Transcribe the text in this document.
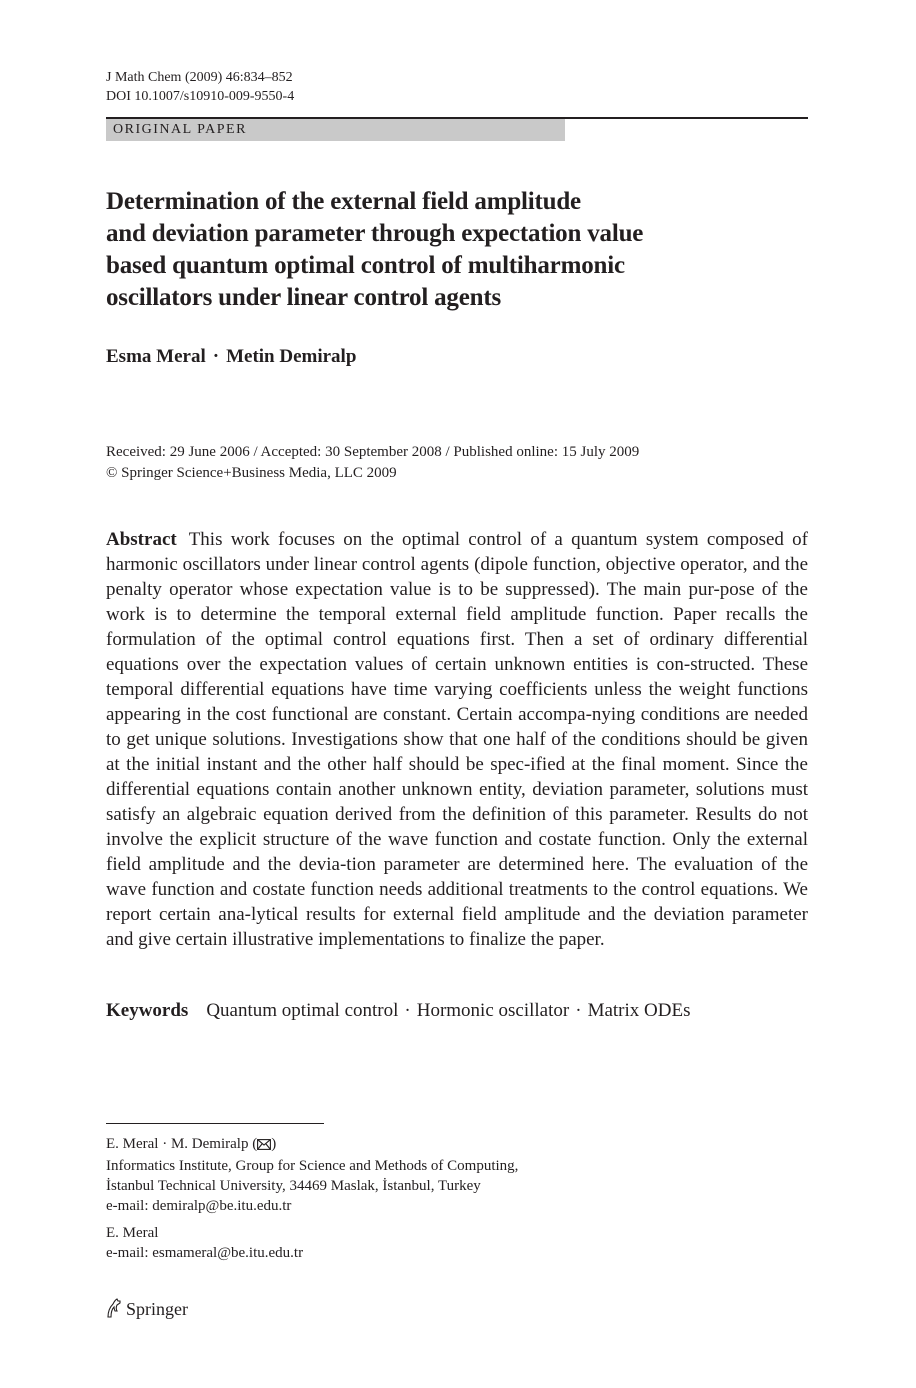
J Math Chem (2009) 46:834–852
DOI 10.1007/s10910-009-9550-4
ORIGINAL PAPER
Determination of the external field amplitude
and deviation parameter through expectation value
based quantum optimal control of multiharmonic
oscillators under linear control agents
Esma Meral · Metin Demiralp
Received: 29 June 2006 / Accepted: 30 September 2008 / Published online: 15 July 2009
© Springer Science+Business Media, LLC 2009
Abstract This work focuses on the optimal control of a quantum system composed of harmonic oscillators under linear control agents (dipole function, objective operator, and the penalty operator whose expectation value is to be suppressed). The main pur-pose of the work is to determine the temporal external field amplitude function. Paper recalls the formulation of the optimal control equations first. Then a set of ordinary differential equations over the expectation values of certain unknown entities is con-structed. These temporal differential equations have time varying coefficients unless the weight functions appearing in the cost functional are constant. Certain accompa-nying conditions are needed to get unique solutions. Investigations show that one half of the conditions should be given at the initial instant and the other half should be spec-ified at the final moment. Since the differential equations contain another unknown entity, deviation parameter, solutions must satisfy an algebraic equation derived from the definition of this parameter. Results do not involve the explicit structure of the wave function and costate function. Only the external field amplitude and the devia-tion parameter are determined here. The evaluation of the wave function and costate function needs additional treatments to the control equations. We report certain ana-lytical results for external field amplitude and the deviation parameter and give certain illustrative implementations to finalize the paper.
Keywords Quantum optimal control · Hormonic oscillator · Matrix ODEs
E. Meral · M. Demiralp ( )
Informatics Institute, Group for Science and Methods of Computing,
İstanbul Technical University, 34469 Maslak, İstanbul, Turkey
e-mail: demiralp@be.itu.edu.tr
E. Meral
e-mail: esmameral@be.itu.edu.tr
Springer
